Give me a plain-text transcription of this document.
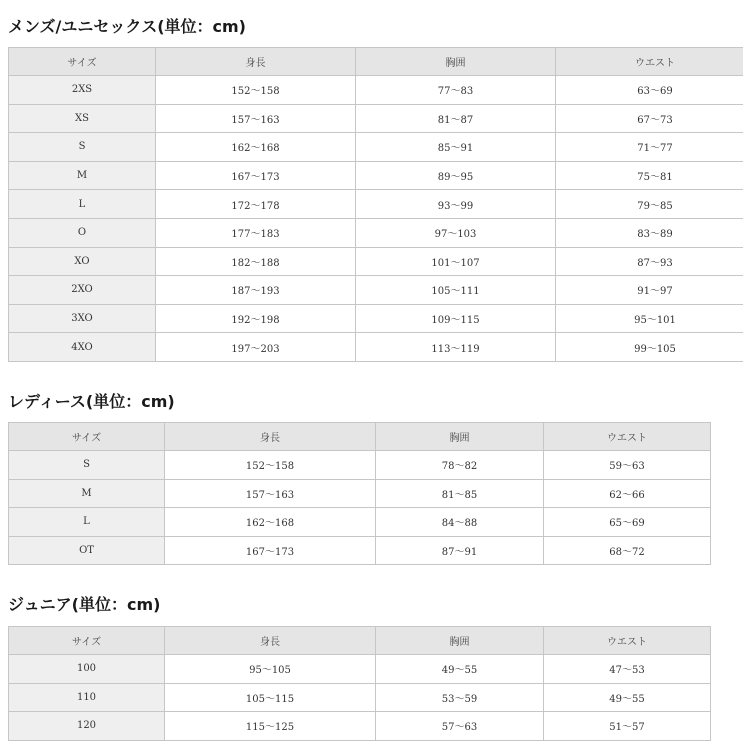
メンズ/ユニセックス(単位：cm)
サイズ	身長	胸囲	ウエスト
2XS	152～158	77～83	63～69
XS	157～163	81～87	67～73
S	162～168	85～91	71～77
M	167～173	89～95	75～81
L	172～178	93～99	79～85
O	177～183	97～103	83～89
XO	182～188	101～107	87～93
2XO	187～193	105～111	91～97
3XO	192～198	109～115	95～101
4XO	197～203	113～119	99～105
レディース(単位：cm)
サイズ	身長	胸囲	ウエスト
S	152～158	78～82	59～63
M	157～163	81～85	62～66
L	162～168	84～88	65～69
OT	167～173	87～91	68～72
ジュニア(単位：cm)
サイズ	身長	胸囲	ウエスト
100	95～105	49～55	47～53
110	105～115	53～59	49～55
120	115～125	57～63	51～57
